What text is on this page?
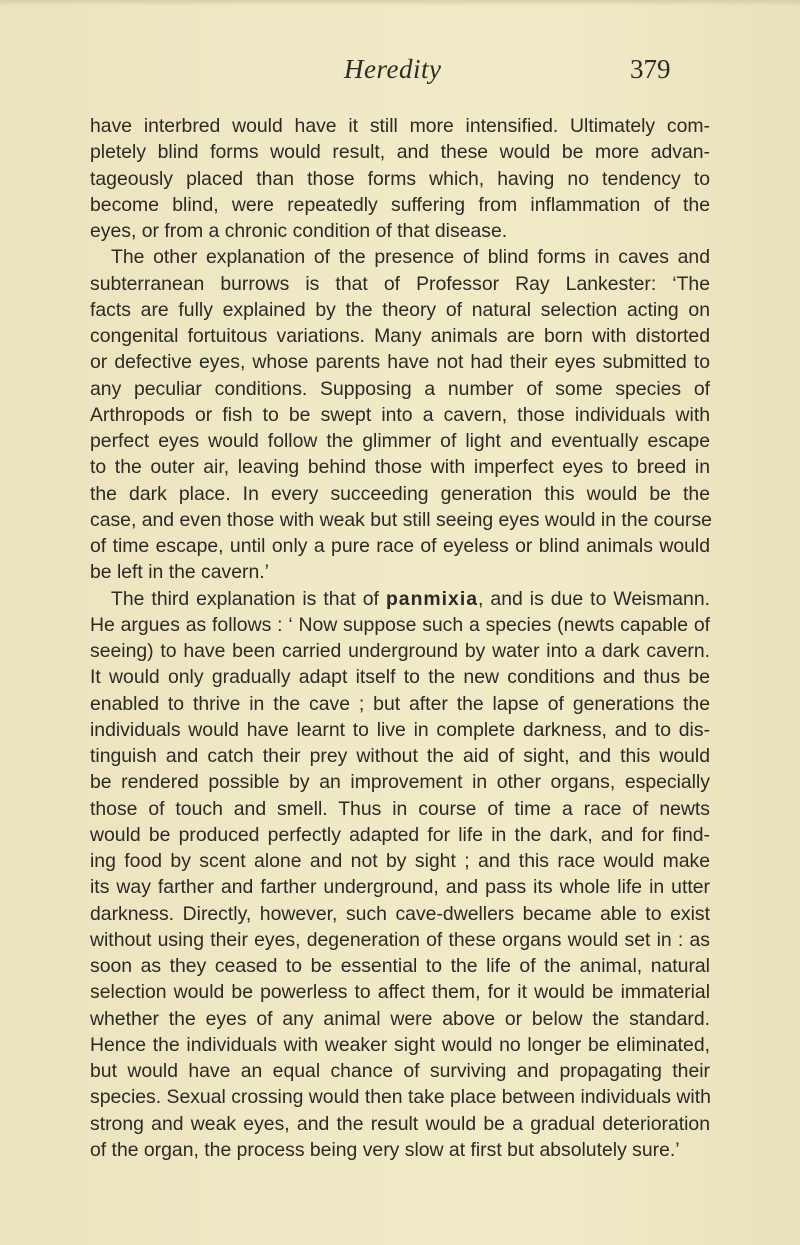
Heredity	379
have interbred would have it still more intensified. Ultimately com-
pletely blind forms would result, and these would be more advan-
tageously placed than those forms which, having no tendency to
become blind, were repeatedly suffering from inflammation of the
eyes, or from a chronic condition of that disease.
The other explanation of the presence of blind forms in caves and
subterranean burrows is that of Professor Ray Lankester: ‘The
facts are fully explained by the theory of natural selection acting on
congenital fortuitous variations. Many animals are born with distorted
or defective eyes, whose parents have not had their eyes submitted to
any peculiar conditions. Supposing a number of some species of
Arthropods or fish to be swept into a cavern, those individuals with
perfect eyes would follow the glimmer of light and eventually escape
to the outer air, leaving behind those with imperfect eyes to breed in
the dark place. In every succeeding generation this would be the
case, and even those with weak but still seeing eyes would in the course
of time escape, until only a pure race of eyeless or blind animals would
be left in the cavern.’
The third explanation is that of panmixia, and is due to Weismann.
He argues as follows : ‘ Now suppose such a species (newts capable of
seeing) to have been carried underground by water into a dark cavern.
It would only gradually adapt itself to the new conditions and thus be
enabled to thrive in the cave ; but after the lapse of generations the
individuals would have learnt to live in complete darkness, and to dis-
tinguish and catch their prey without the aid of sight, and this would
be rendered possible by an improvement in other organs, especially
those of touch and smell. Thus in course of time a race of newts
would be produced perfectly adapted for life in the dark, and for find-
ing food by scent alone and not by sight ; and this race would make
its way farther and farther underground, and pass its whole life in utter
darkness. Directly, however, such cave-dwellers became able to exist
without using their eyes, degeneration of these organs would set in : as
soon as they ceased to be essential to the life of the animal, natural
selection would be powerless to affect them, for it would be immaterial
whether the eyes of any animal were above or below the standard.
Hence the individuals with weaker sight would no longer be eliminated,
but would have an equal chance of surviving and propagating their
species. Sexual crossing would then take place between individuals with
strong and weak eyes, and the result would be a gradual deterioration
of the organ, the process being very slow at first but absolutely sure.’
